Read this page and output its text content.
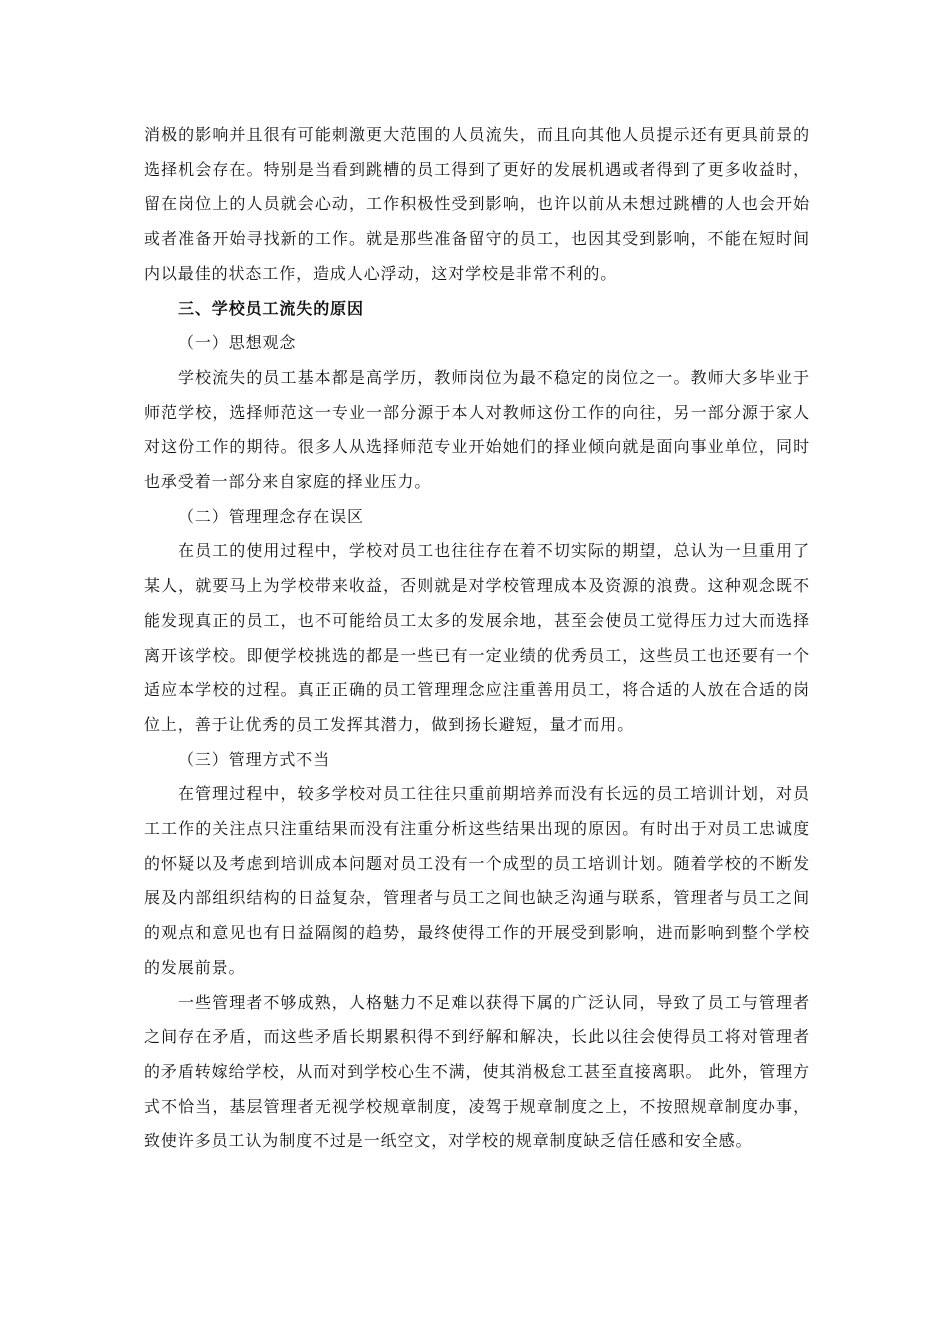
消极的影响并且很有可能刺激更大范围的人员流失，而且向其他人员提示还有更具前景的选择机会存在。特别是当看到跳槽的员工得到了更好的发展机遇或者得到了更多收益时，留在岗位上的人员就会心动，工作积极性受到影响，也许以前从未想过跳槽的人也会开始或者准备开始寻找新的工作。就是那些准备留守的员工，也因其受到影响，不能在短时间内以最佳的状态工作，造成人心浮动，这对学校是非常不利的。

三、学校员工流失的原因

（一）思想观念

学校流失的员工基本都是高学历，教师岗位为最不稳定的岗位之一。教师大多毕业于师范学校，选择师范这一专业一部分源于本人对教师这份工作的向往，另一部分源于家人对这份工作的期待。很多人从选择师范专业开始她们的择业倾向就是面向事业单位，同时也承受着一部分来自家庭的择业压力。

（二）管理理念存在误区

在员工的使用过程中，学校对员工也往往存在着不切实际的期望，总认为一旦重用了某人，就要马上为学校带来收益，否则就是对学校管理成本及资源的浪费。这种观念既不能发现真正的员工，也不可能给员工太多的发展余地，甚至会使员工觉得压力过大而选择离开该学校。即便学校挑选的都是一些已有一定业绩的优秀员工，这些员工也还要有一个适应本学校的过程。真正正确的员工管理理念应注重善用员工，将合适的人放在合适的岗位上，善于让优秀的员工发挥其潜力，做到扬长避短，量才而用。

（三）管理方式不当

在管理过程中，较多学校对员工往往只重前期培养而没有长远的员工培训计划，对员工工作的关注点只注重结果而没有注重分析这些结果出现的原因。有时出于对员工忠诚度的怀疑以及考虑到培训成本问题对员工没有一个成型的员工培训计划。随着学校的不断发展及内部组织结构的日益复杂，管理者与员工之间也缺乏沟通与联系，管理者与员工之间的观点和意见也有日益隔阂的趋势，最终使得工作的开展受到影响，进而影响到整个学校的发展前景。

一些管理者不够成熟，人格魅力不足难以获得下属的广泛认同，导致了员工与管理者之间存在矛盾，而这些矛盾长期累积得不到纾解和解决，长此以往会使得员工将对管理者的矛盾转嫁给学校，从而对到学校心生不满，使其消极怠工甚至直接离职。 此外，管理方式不恰当，基层管理者无视学校规章制度，凌驾于规章制度之上，不按照规章制度办事，致使许多员工认为制度不过是一纸空文，对学校的规章制度缺乏信任感和安全感。
